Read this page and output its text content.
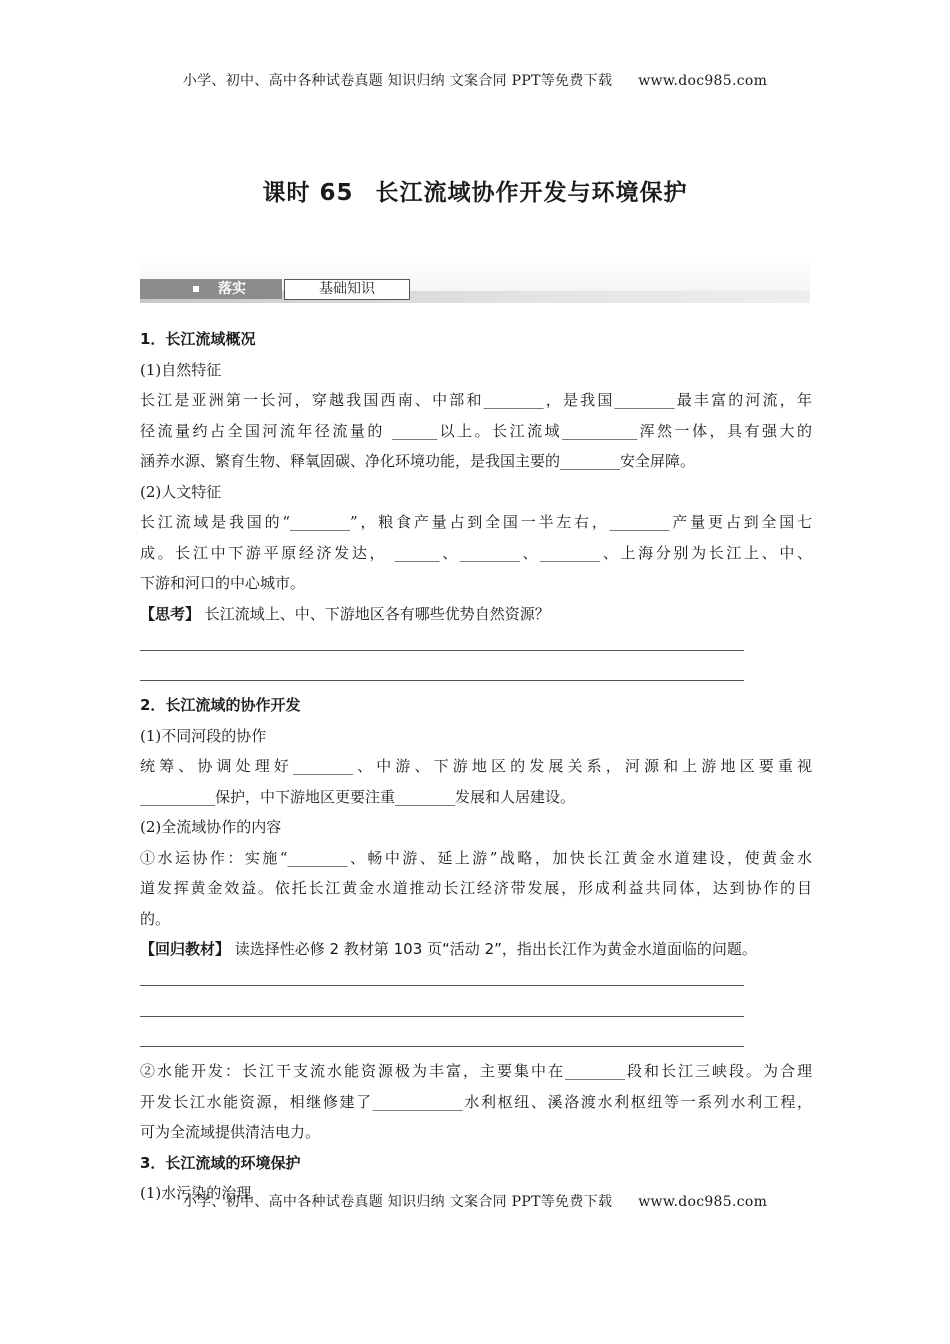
小学、初中、高中各种试卷真题 知识归纳 文案合同 PPT等免费下载 www.doc985.com
课时 65 长江流域协作开发与环境保护
落实	基础知识

1．长江流域概况

(1)自然特征

长江是亚洲第一长河，穿越我国西南、中部和________，是我国________最丰富的河流，年

径流量约占全国河流年径流量的 ______以上。长江流域__________浑然一体，具有强大的

涵养水源、繁育生物、释氧固碳、净化环境功能，是我国主要的________安全屏障。

(2)人文特征

长江流域是我国的“________”，粮食产量占到全国一半左右，________产量更占到全国七

成。长江中下游平原经济发达， ______、________、________、上海分别为长江上、中、

下游和河口的中心城市。

【思考】 长江流域上、中、下游地区各有哪些优势自然资源？

2．长江流域的协作开发

(1)不同河段的协作

统筹、协调处理好________、中游、下游地区的发展关系，河源和上游地区要重视

__________保护，中下游地区更要注重________发展和人居建设。

(2)全流域协作的内容

①水运协作：实施“________、畅中游、延上游”战略，加快长江黄金水道建设，使黄金水

道发挥黄金效益。依托长江黄金水道推动长江经济带发展，形成利益共同体，达到协作的目

的。

【回归教材】 读选择性必修 2 教材第 103 页“活动 2”，指出长江作为黄金水道面临的问题。

②水能开发：长江干支流水能资源极为丰富，主要集中在________段和长江三峡段。为合理

开发长江水能资源，相继修建了____________水利枢纽、溪洛渡水利枢纽等一系列水利工程，

可为全流域提供清洁电力。

3．长江流域的环境保护

(1)水污染的治理

小学、初中、高中各种试卷真题 知识归纳 文案合同 PPT等免费下载 www.doc985.com
